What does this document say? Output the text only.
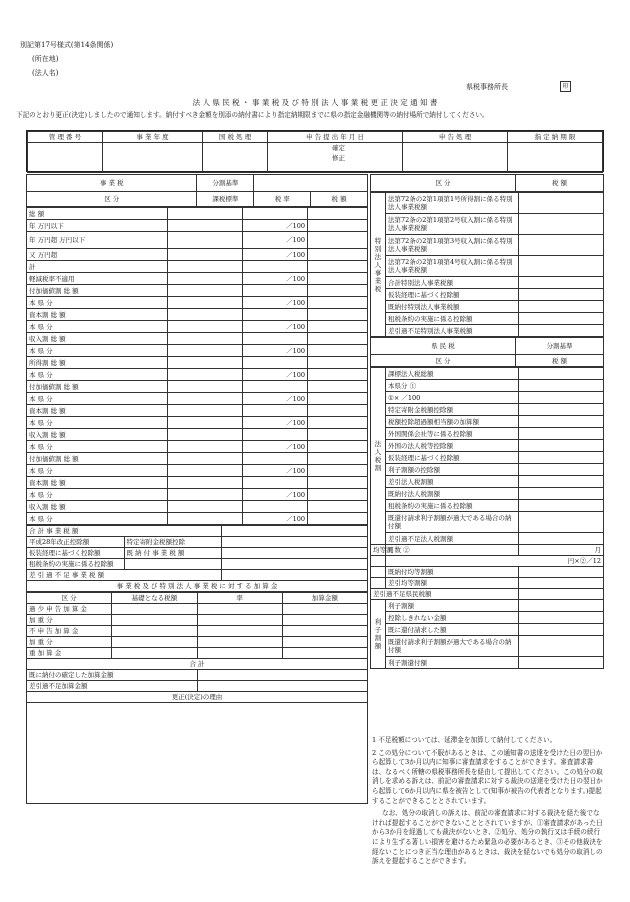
別記第17号様式(第14条関係)
(所在地)
(法人名)
県税事務所長	印
法 人 県 民 税 ・ 事 業 税 及 び 特 別 法 人 事 業 税 更 正 決 定 通 知 書
下記のとおり更正(決定)しましたので通知します。納付すべき金額を別添の納付書により指定納期限までに県の指定金融機関等の納付場所で納付してください。
管 理 番 号	事 業 年 度	国 税 処 理	申 告 提 出 年 月 日	申 告 処 理	指 定 納 期 限

			確定
修正		

事 業 税	分割基準		
区 分	課税標準	税 率	税 額
総 額			
年 万円以下		／100	
年 万円超 万円以下		／100	
又 万円超		／100	
計			
軽減税率不適用		／100	
付加価値割 総 額			
本 県 分		／100	
資本割 総 額			
本 県 分		／100	
収入割 総 額			
本 県 分		／100	
所得割 総 額			
本 県 分		／100	
付加価値割 総 額			
本 県 分		／100	
資本割 総 額			
本 県 分		／100	
収入割 総 額			
本 県 分		／100	
付加価値割 総 額			
本 県 分		／100	
資本割 総 額			
本 県 分		／100	
収入割 総 額			
本 県 分		／100	
合 計 事 業 税 額		
平成28年改正控除額	特定寄附金税額控除	
仮装経理に基づく控除額	既 納 付 事 業 税 額	
租税条約の実施に係る控除額		
差 引 過 不 足 事 業 税 額		
事 業 税 及 び 特 別 法 人 事 業 税 に 対 す る 加 算 金		
区 分	基礎となる税額	率	加算金額
過 少 申 告 加 算 金			
加 重 分			
不 申 告 加 算 金			
加 重 分			
重 加 算 金			
合 計			
既に納付の確定した加算金額			
差引過不足加算金額			
更正(決定)の理由			

区 分	税 額
特別法人事業税	法第72条の2第1項第1号所得割に係る特別法人事業税額	
	法第72条の2第1項第2号収入割に係る特別法人事業税額	
	法第72条の2第1項第3号収入割に係る特別法人事業税額	
	法第72条の2第1項第4号収入割に係る特別法人事業税額	
	合計特別法人事業税額	
	仮装経理に基づく控除額	
	既納付特別法人事業税額	
	租税条約の実施に係る控除額	
	差引過不足特別法人事業税額	
県 民 税	分割基準
区 分	税 額
法人税割	課標法人税総額	
	本県分 ①	
	①× ／100	
	特定寄附金税額控除額	
	税額控除超過額相当額の加算額	
	外国関係会社等に係る控除額	
	外国の法人税等控除額	
	仮装経理に基づく控除額	
	利子割額の控除額	
	差引法人税割額	
	既納付法人税割額	
	租税条約の実施に係る控除額	
	既還付請求利子割額が過大である場合の納付額	
	差引過不足法人税割額	
均等割	月数 ②	月
	円×②／12	
	既納付均等割額	
	差引均等割額	
差引過不足県民税額		
利子割額	利子割額	
	控除しきれない金額	
	既に還付請求した額	
	既還付請求利子割額が過大である場合の納付額	
	利子割還付額	
1 不足税額については、延滞金を加算して納付してください。
2 この処分について不服があるときは、この通知書の送達を受けた日の翌日から起算して3か月以内に知事に審査請求をすることができます。審査請求書は、なるべく所轄の県税事務所長を経由して提出してください。この処分の取消しを求める訴えは、前記の審査請求に対する裁決の送達を受けた日の翌日から起算して6か月以内に県を被告として(知事が被告の代表者となります。)提起することができることとされています。
なお、処分の取消しの訴えは、前記の審査請求に対する裁決を経た後でなければ提起することができないこととされていますが、①審査請求があった日から3か月を経過しても裁決がないとき、②処分、処分の執行又は手続の続行により生ずる著しい損害を避けるため緊急の必要があるとき、③その他裁決を経ないことにつき正当な理由があるときは、裁決を経ないでも処分の取消しの訴えを提起することができます。
